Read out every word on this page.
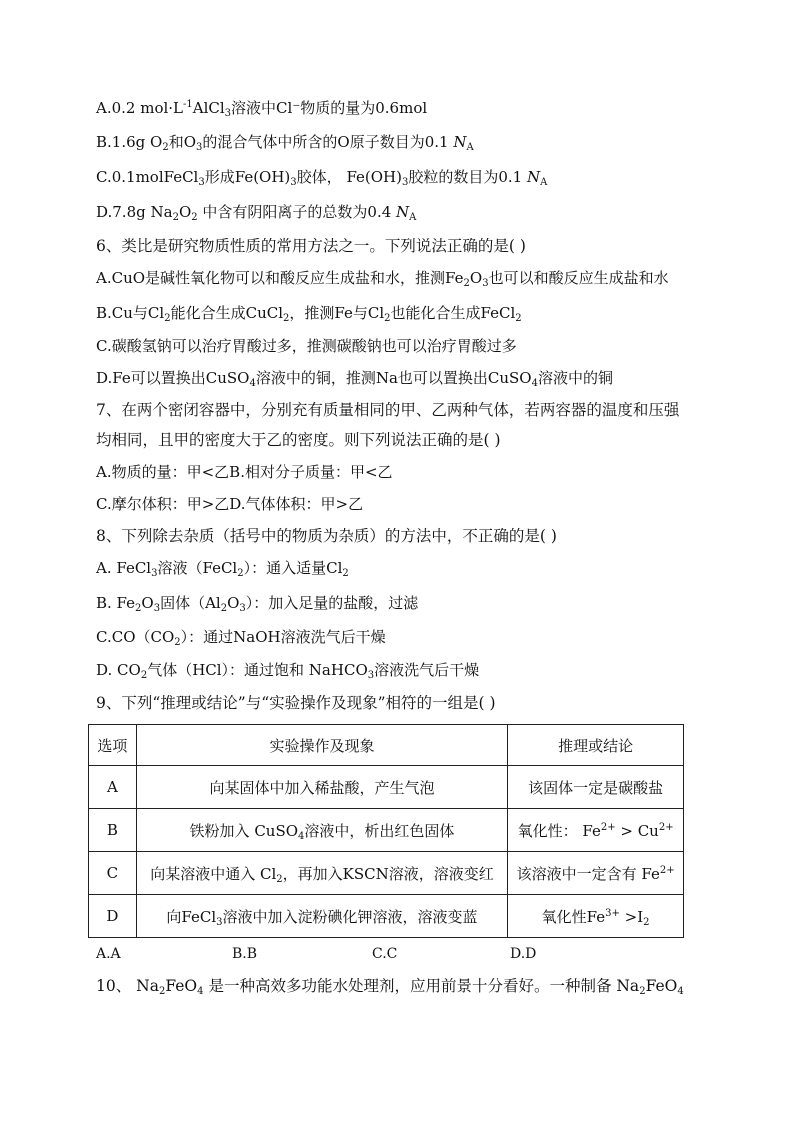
A.0.2 $mol\cdot L^{-1}AlCl_3$溶液中Cl⁻物质的量为0.6mol
B.1.6g $O_2$和$O_3$的混合气体中所含的O原子数目为0.1 $N_A$
C.0.1molFeCl$_3$形成$Fe(OH)_3$胶体， $Fe(OH)_3$胶粒的数目为0.1 $N_A$
D.7.8g $Na_2O_2$ 中含有阴阳离子的总数为0.4 $N_A$
6、类比是研究物质性质的常用方法之一。下列说法正确的是( )
A.CuO是碱性氧化物可以和酸反应生成盐和水，推测$Fe_2O_3$也可以和酸反应生成盐和水
B.Cu与$Cl_2$能化合生成CuCl$_2$，推测Fe与$Cl_2$也能化合生成FeCl$_2$
C.碳酸氢钠可以治疗胃酸过多，推测碳酸钠也可以治疗胃酸过多
D.Fe可以置换出CuSO$_4$溶液中的铜，推测Na也可以置换出CuSO$_4$溶液中的铜
7、在两个密闭容器中，分别充有质量相同的甲、乙两种气体，若两容器的温度和压强
均相同，且甲的密度大于乙的密度。则下列说法正确的是( )
A.物质的量：甲<乙B.相对分子质量：甲<乙
C.摩尔体积：甲>乙D.气体体积：甲>乙
8、下列除去杂质（括号中的物质为杂质）的方法中，不正确的是( )
A. FeCl$_3$溶液（FeCl$_2$）：通入适量$Cl_2$
B. $Fe_2O_3$固体$(Al_2O_3)$：加入足量的盐酸，过滤
$C.CO(CO_2)$：通过NaOH溶液洗气后干燥
D. $CO_2$气体（HCl）：通过饱和 NaHCO$_3$溶液洗气后干燥
9、下列“推理或结论”与“实验操作及现象”相符的一组是( )
选项	实验操作及现象	推理或结论
A	向某固体中加入稀盐酸，产生气泡	该固体一定是碳酸盐
B	铁粉加入 CuSO$_4$溶液中，析出红色固体	氧化性： $Fe^{2+} > Cu^{2+}$
C	向某溶液中通入 $Cl_2$，再加入KSCN溶液，溶液变红	该溶液中一定含有 $Fe^{2+}$
D	向FeCl$_3$溶液中加入淀粉碘化钾溶液，溶液变蓝	氧化性$Fe^{3+} >I_2$
A.A	B.B	C.C	D.D
10、 $Na_2FeO_4$ 是一种高效多功能水处理剂，应用前景十分看好。一种制备 $Na_2FeO_4$
